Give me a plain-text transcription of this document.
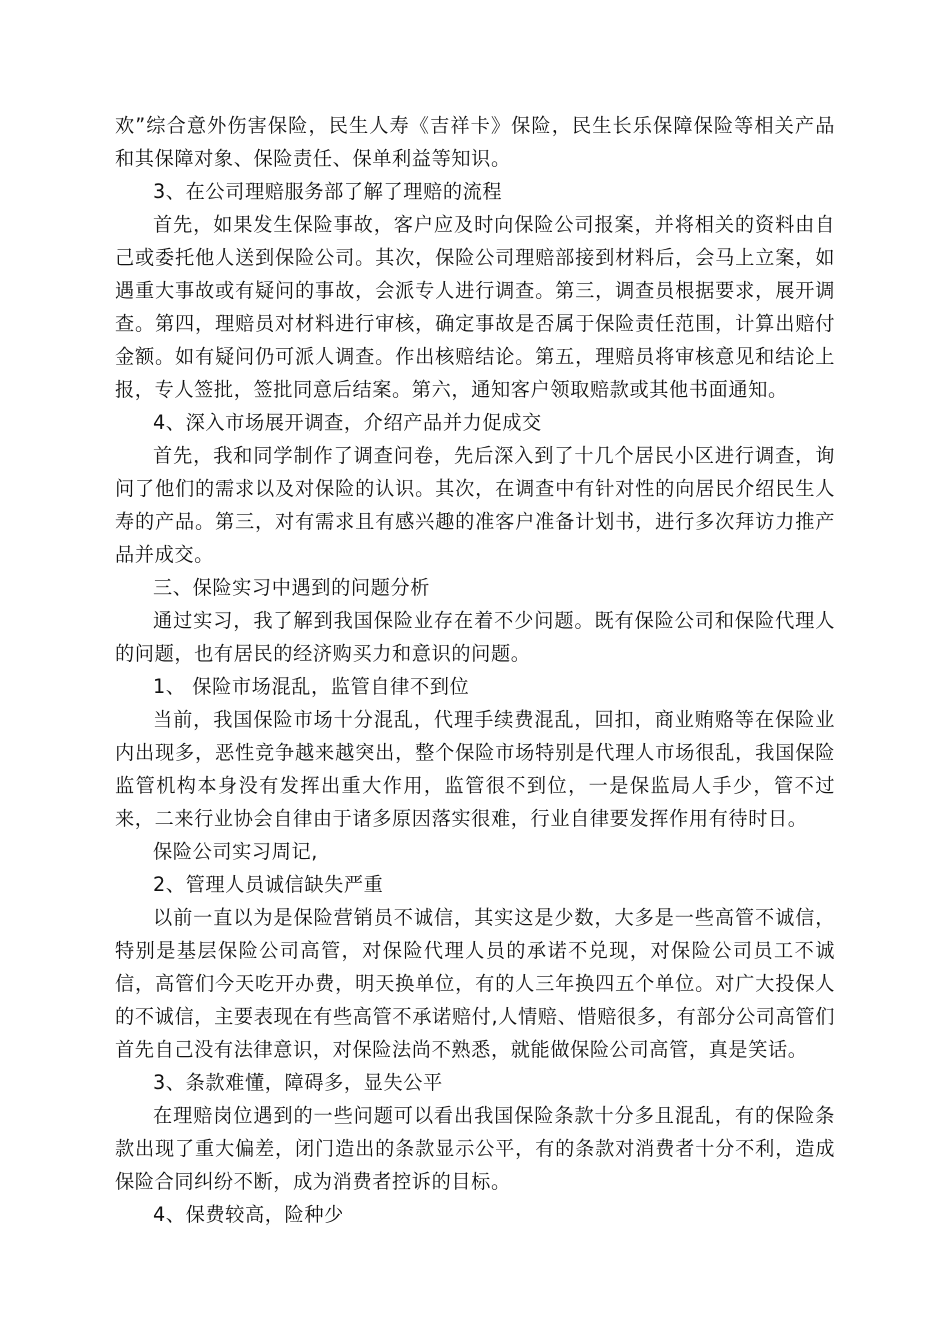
欢”综合意外伤害保险，民生人寿《吉祥卡》保险，民生长乐保障保险等相关产品和其保障对象、保险责任、保单利益等知识。

3、在公司理赔服务部了解了理赔的流程

首先，如果发生保险事故，客户应及时向保险公司报案，并将相关的资料由自己或委托他人送到保险公司。其次，保险公司理赔部接到材料后，会马上立案，如遇重大事故或有疑问的事故，会派专人进行调查。第三，调查员根据要求，展开调查。第四，理赔员对材料进行审核，确定事故是否属于保险责任范围，计算出赔付金额。如有疑问仍可派人调查。作出核赔结论。第五，理赔员将审核意见和结论上报，专人签批，签批同意后结案。第六，通知客户领取赔款或其他书面通知。

4、深入市场展开调查，介绍产品并力促成交

首先，我和同学制作了调查问卷，先后深入到了十几个居民小区进行调查，询问了他们的需求以及对保险的认识。其次，在调查中有针对性的向居民介绍民生人寿的产品。第三，对有需求且有感兴趣的准客户准备计划书，进行多次拜访力推产品并成交。

三、保险实习中遇到的问题分析

通过实习，我了解到我国保险业存在着不少问题。既有保险公司和保险代理人的问题，也有居民的经济购买力和意识的问题。

1、 保险市场混乱，监管自律不到位

当前，我国保险市场十分混乱，代理手续费混乱，回扣，商业贿赂等在保险业内出现多，恶性竞争越来越突出，整个保险市场特别是代理人市场很乱，我国保险监管机构本身没有发挥出重大作用，监管很不到位，一是保监局人手少，管不过来，二来行业协会自律由于诸多原因落实很难，行业自律要发挥作用有待时日。

保险公司实习周记,

2、管理人员诚信缺失严重

以前一直以为是保险营销员不诚信，其实这是少数，大多是一些高管不诚信，特别是基层保险公司高管，对保险代理人员的承诺不兑现，对保险公司员工不诚信，高管们今天吃开办费，明天换单位，有的人三年换四五个单位。对广大投保人的不诚信，主要表现在有些高管不承诺赔付,人情赔、惜赔很多，有部分公司高管们首先自己没有法律意识，对保险法尚不熟悉，就能做保险公司高管，真是笑话。

3、条款难懂，障碍多，显失公平

在理赔岗位遇到的一些问题可以看出我国保险条款十分多且混乱，有的保险条款出现了重大偏差，闭门造出的条款显示公平，有的条款对消费者十分不利，造成保险合同纠纷不断，成为消费者控诉的目标。

4、保费较高，险种少
